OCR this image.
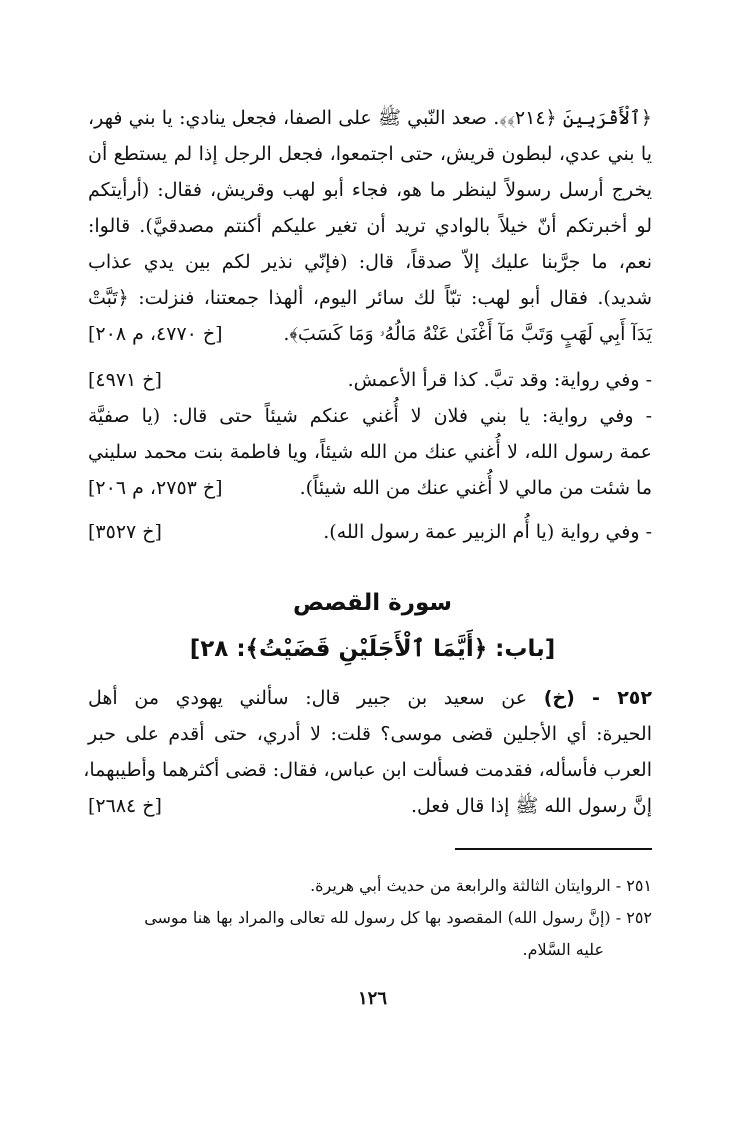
﴿ٱلْأَقْرَبِينَ ﴿٢١٤﴾﴾. صعد النّبي ﷺ على الصفا، فجعل ينادي: يا بني فهر،
يا بني عدي، لبطون قريش، حتى اجتمعوا، فجعل الرجل إذا لم يستطع أن
يخرج أرسل رسولاً لينظر ما هو، فجاء أبو لهب وقريش، فقال: (أرأيتكم
لو أخبرتكم أنّ خيلاً بالوادي تريد أن تغير عليكم أكنتم مصدقيَّ). قالوا:
نعم، ما جرَّبنا عليك إلاّ صدقاً، قال: (فإنّي نذير لكم بين يدي عذاب
شديد). فقال أبو لهب: تبّاً لك سائر اليوم، ألهذا جمعتنا، فنزلت: ﴿تَبَّتْ
يَدَآ أَبِي لَهَبٍ وَتَبَّ مَآ أَغْنَىٰ عَنْهُ مَالُهُۥ وَمَا كَسَبَ﴾.
[خ ٤٧٧٠، م ٢٠٨]
- وفي رواية: وقد تبَّ. كذا قرأ الأعمش.
[خ ٤٩٧١]
- وفي رواية: يا بني فلان لا أُغني عنكم شيئاً حتى قال: (يا صفيَّة
عمة رسول الله، لا أُغني عنك من الله شيئاً، ويا فاطمة بنت محمد سليني
ما شئت من مالي لا أُغني عنك من الله شيئاً).
[خ ٢٧٥٣، م ٢٠٦]
- وفي رواية (يا أُم الزبير عمة رسول الله).
[خ ٣٥٢٧]
سورة القصص
[باب: ﴿أَيَّمَا ٱلْأَجَلَيْنِ قَضَيْتُ﴾: ٢٨]
٢٥٢ - (خ) عن سعيد بن جبير قال: سألني يهودي من أهل
الحيرة: أي الأجلين قضى موسى؟ قلت: لا أدري، حتى أقدم على حبر
العرب فأسأله، فقدمت فسألت ابن عباس، فقال: قضى أكثرهما وأطيبهما،
إنَّ رسول الله ﷺ إذا قال فعل.
[خ ٢٦٨٤]
٢٥١ - الروايتان الثالثة والرابعة من حديث أبي هريرة.
٢٥٢ - (إنَّ رسول الله) المقصود بها كل رسول لله تعالى والمراد بها هنا موسى
عليه السَّلام.
١٢٦
